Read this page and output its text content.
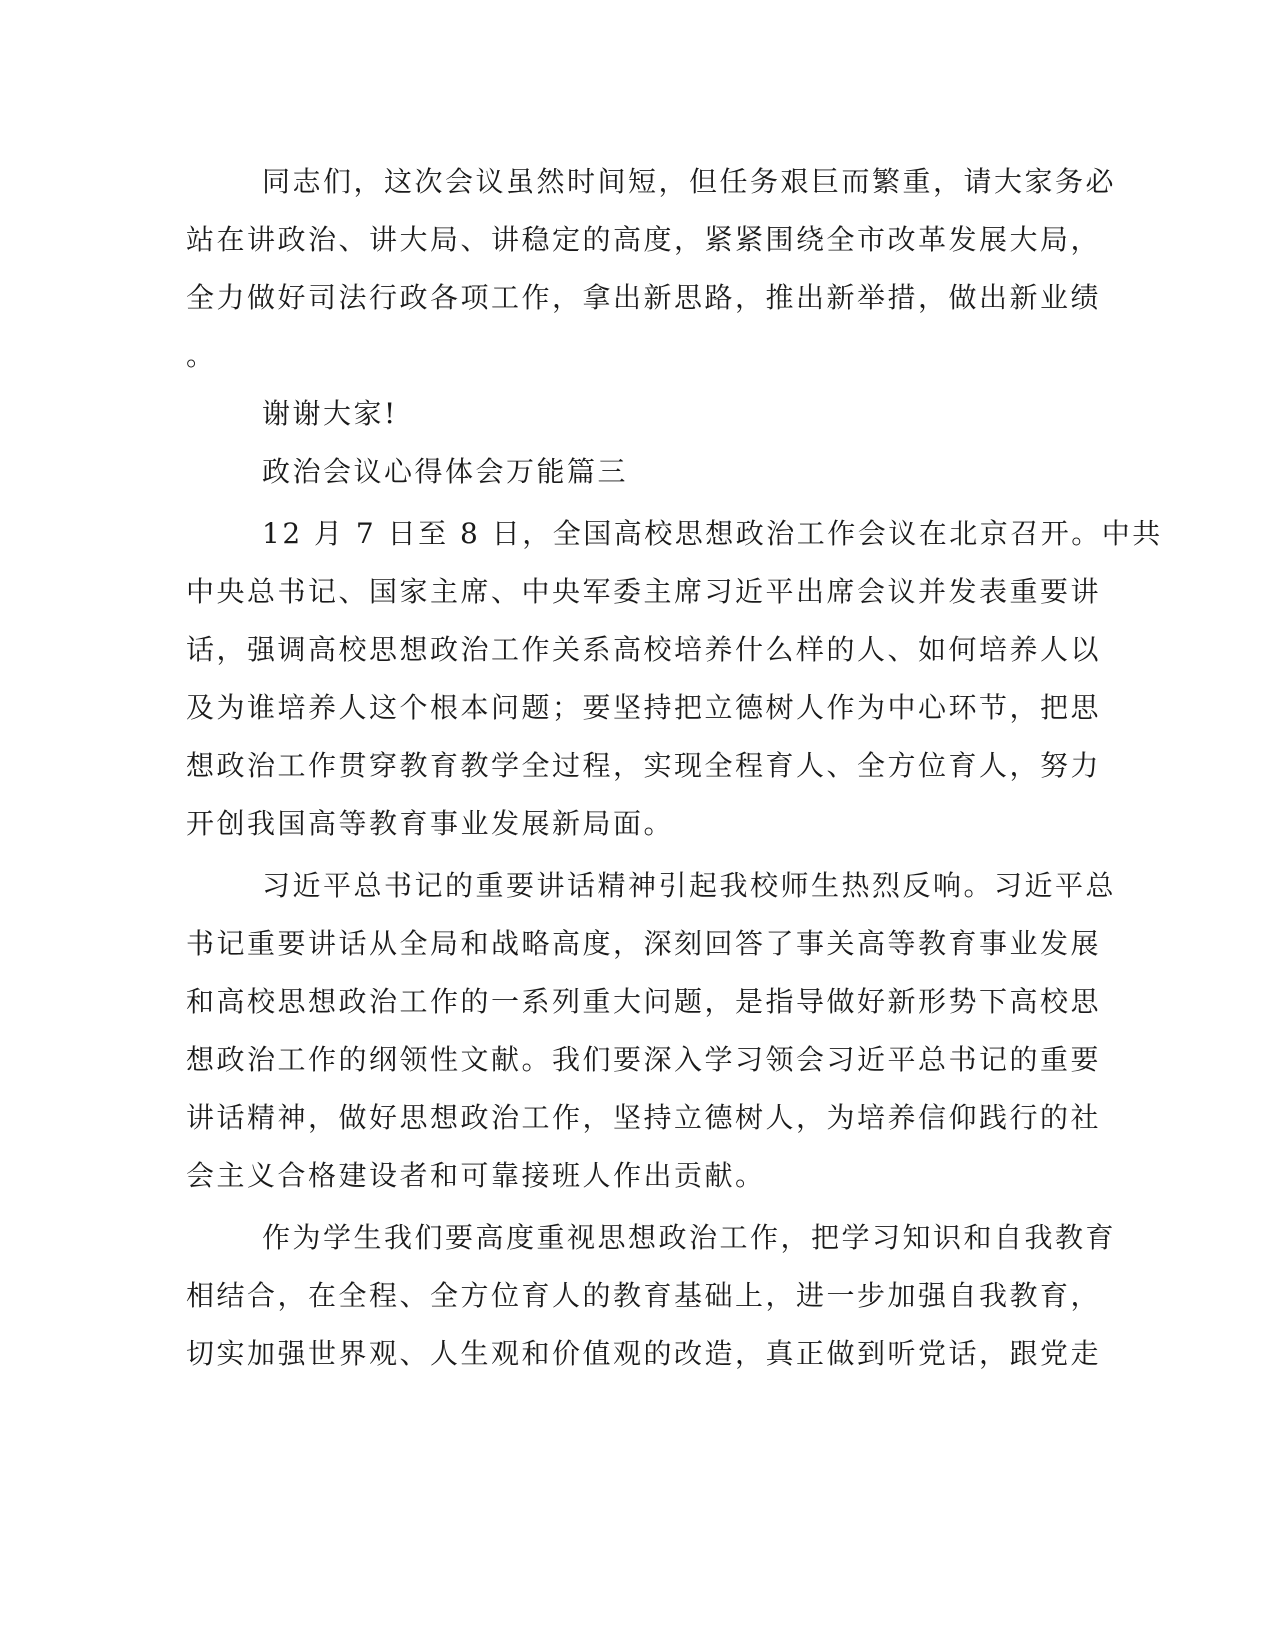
同志们，这次会议虽然时间短，但任务艰巨而繁重，请大家务必
站在讲政治、讲大局、讲稳定的高度，紧紧围绕全市改革发展大局，
全力做好司法行政各项工作，拿出新思路，推出新举措，做出新业绩
。
谢谢大家!
政治会议心得体会万能篇三
12 月 7 日至 8 日，全国高校思想政治工作会议在北京召开。中共
中央总书记、国家主席、中央军委主席习近平出席会议并发表重要讲
话，强调高校思想政治工作关系高校培养什么样的人、如何培养人以
及为谁培养人这个根本问题；要坚持把立德树人作为中心环节，把思
想政治工作贯穿教育教学全过程，实现全程育人、全方位育人，努力
开创我国高等教育事业发展新局面。
习近平总书记的重要讲话精神引起我校师生热烈反响。习近平总
书记重要讲话从全局和战略高度，深刻回答了事关高等教育事业发展
和高校思想政治工作的一系列重大问题，是指导做好新形势下高校思
想政治工作的纲领性文献。我们要深入学习领会习近平总书记的重要
讲话精神，做好思想政治工作，坚持立德树人，为培养信仰践行的社
会主义合格建设者和可靠接班人作出贡献。
作为学生我们要高度重视思想政治工作，把学习知识和自我教育
相结合，在全程、全方位育人的教育基础上，进一步加强自我教育，
切实加强世界观、人生观和价值观的改造，真正做到听党话，跟党走
